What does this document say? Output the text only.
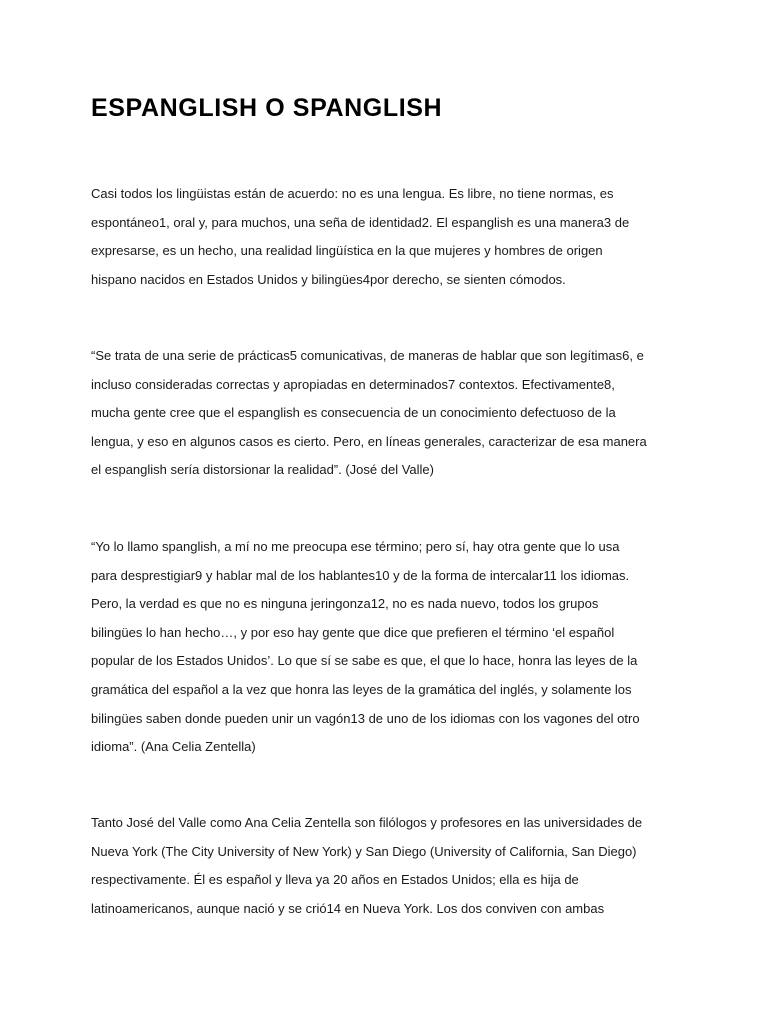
ESPANGLISH O SPANGLISH

Casi todos los lingüistas están de acuerdo: no es una lengua. Es libre, no tiene normas, es
espontáneo1, oral y, para muchos, una seña de identidad2. El espanglish es una manera3 de
expresarse, es un hecho, una realidad lingüística en la que mujeres y hombres de origen
hispano nacidos en Estados Unidos y bilingües4por derecho, se sienten cómodos.

“Se trata de una serie de prácticas5 comunicativas, de maneras de hablar que son legítimas6, e
incluso consideradas correctas y apropiadas en determinados7 contextos. Efectivamente8,
mucha gente cree que el espanglish es consecuencia de un conocimiento defectuoso de la
lengua, y eso en algunos casos es cierto. Pero, en líneas generales, caracterizar de esa manera
el espanglish sería distorsionar la realidad”. (José del Valle)

“Yo lo llamo spanglish, a mí no me preocupa ese término; pero sí, hay otra gente que lo usa
para desprestigiar9 y hablar mal de los hablantes10 y de la forma de intercalar11 los idiomas.
Pero, la verdad es que no es ninguna jeringonza12, no es nada nuevo, todos los grupos
bilingües lo han hecho…, y por eso hay gente que dice que prefieren el término ‘el español
popular de los Estados Unidos’. Lo que sí se sabe es que, el que lo hace, honra las leyes de la
gramática del español a la vez que honra las leyes de la gramática del inglés, y solamente los
bilingües saben donde pueden unir un vagón13 de uno de los idiomas con los vagones del otro
idioma”. (Ana Celia Zentella)

Tanto José del Valle como Ana Celia Zentella son filólogos y profesores en las universidades de
Nueva York (The City University of New York) y San Diego (University of California, San Diego)
respectivamente. Él es español y lleva ya 20 años en Estados Unidos; ella es hija de
latinoamericanos, aunque nació y se crió14 en Nueva York. Los dos conviven con ambas
